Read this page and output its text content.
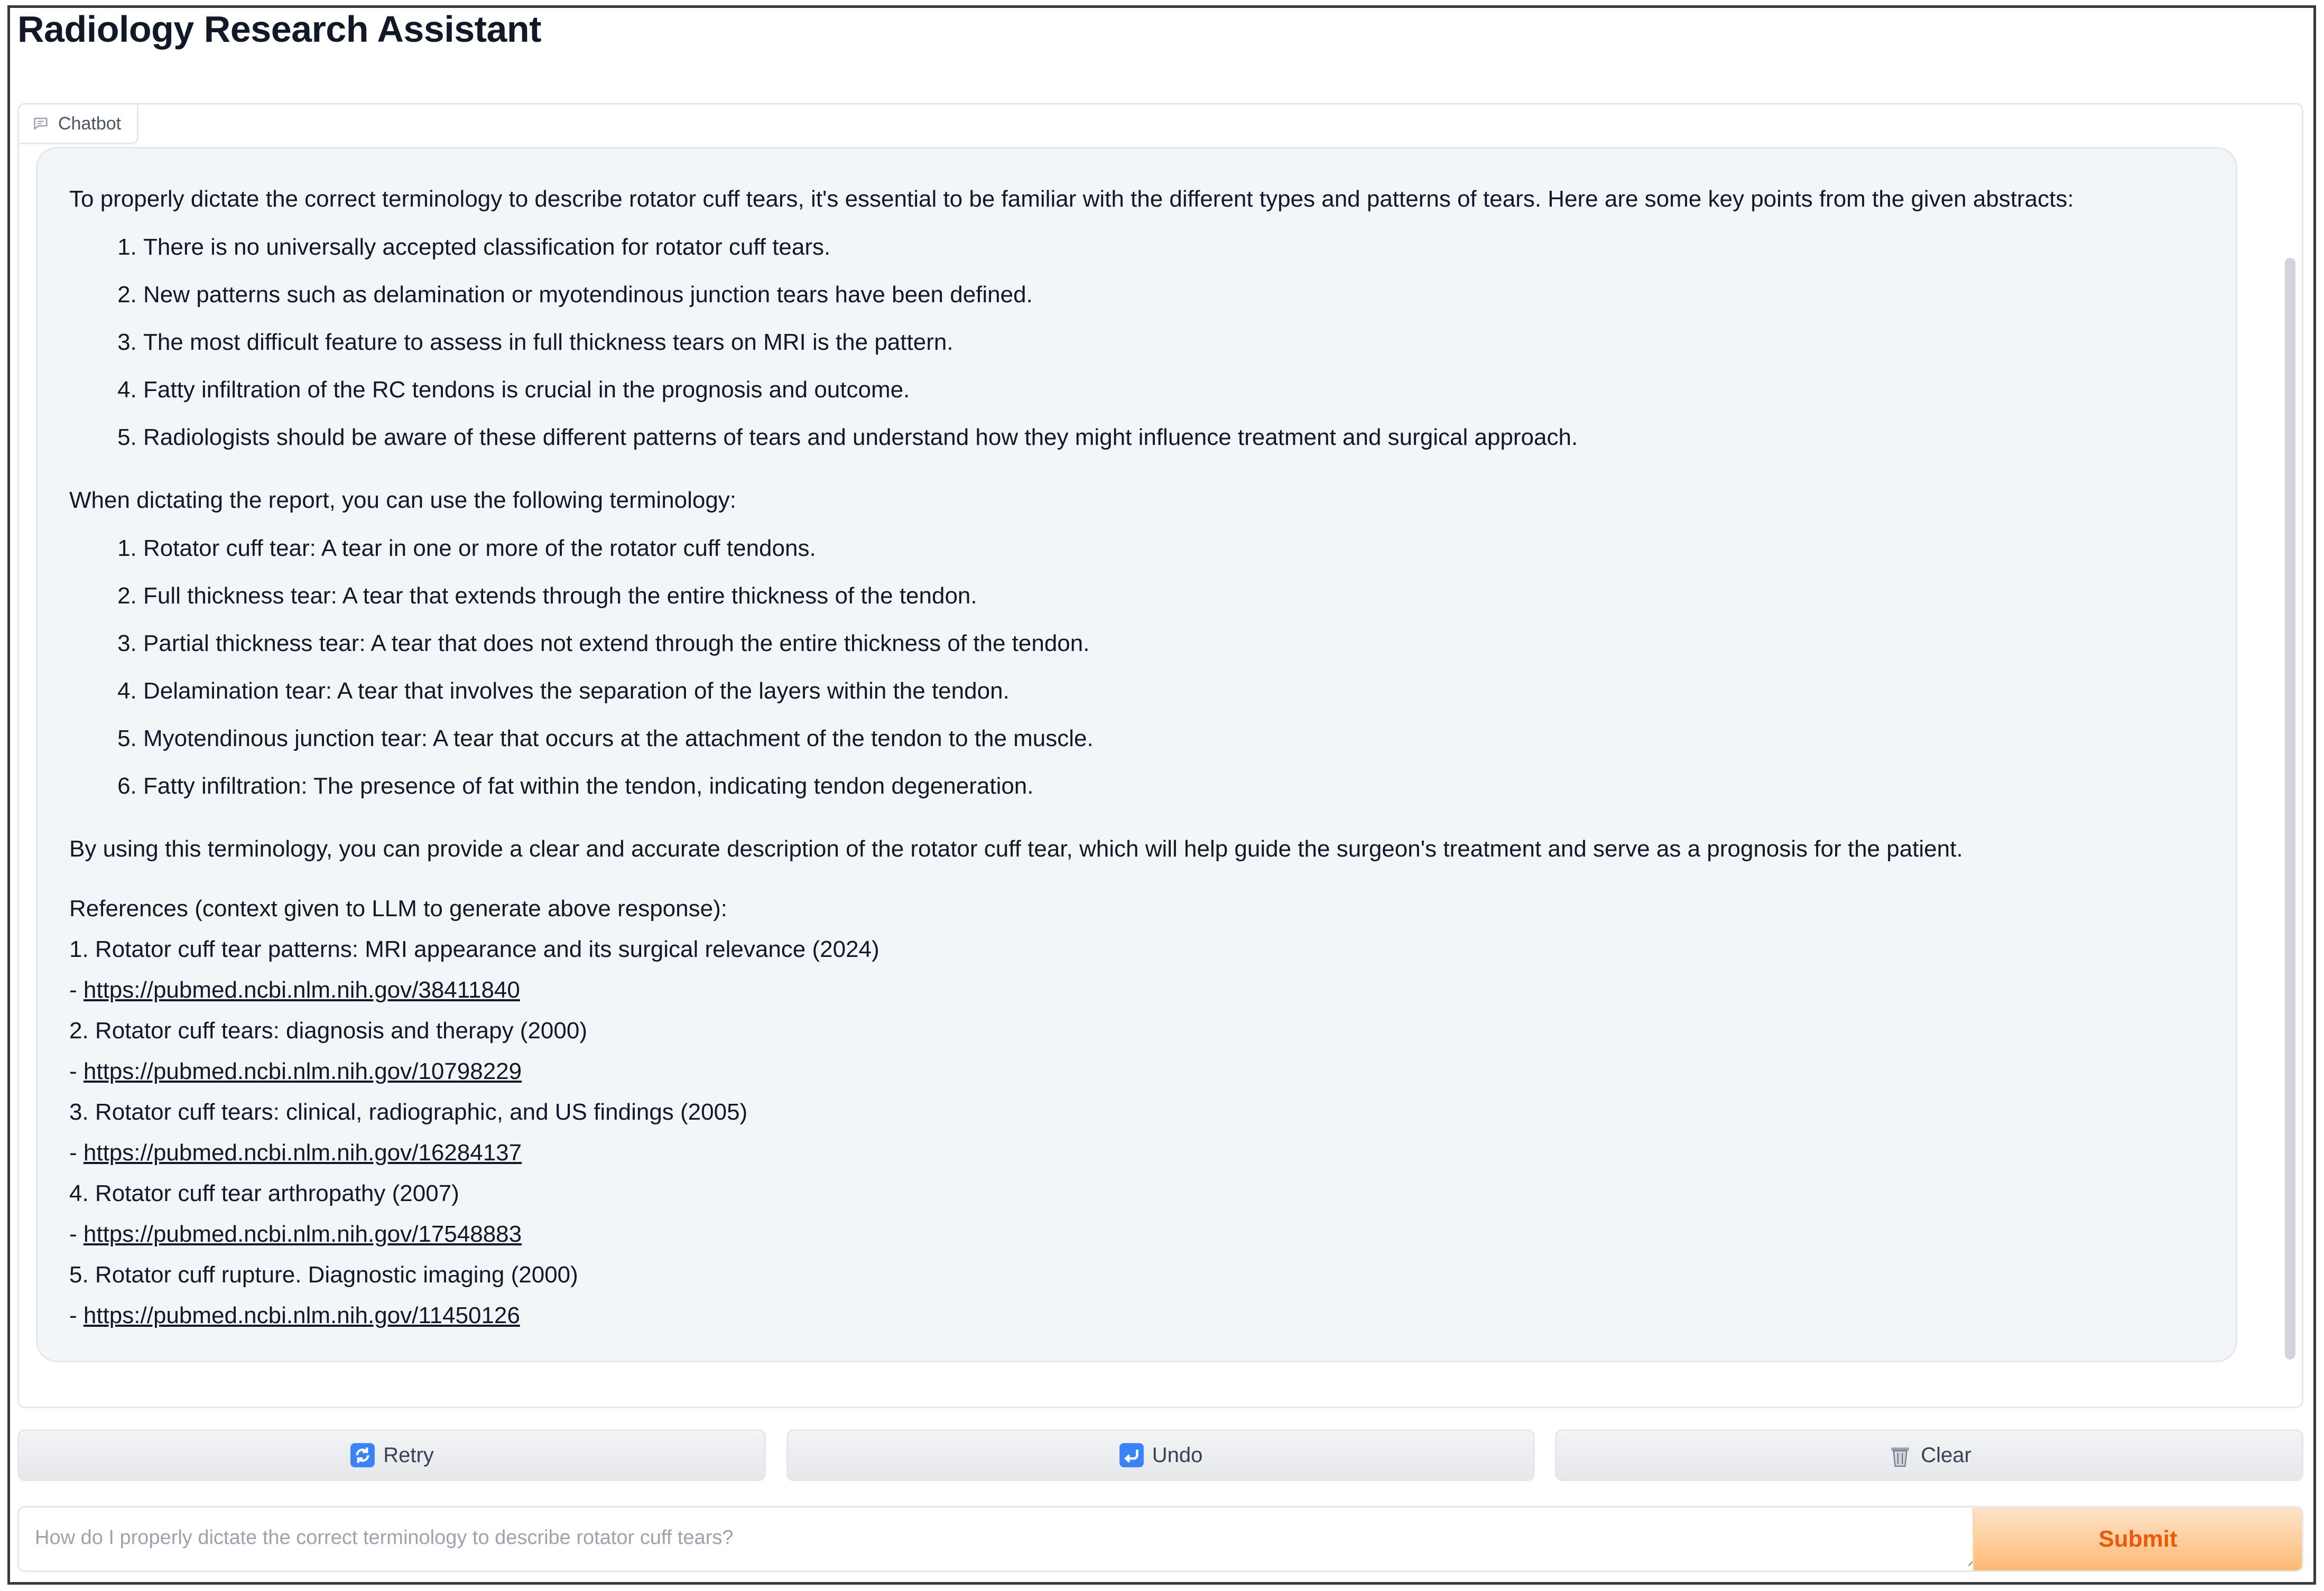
Radiology Research Assistant
Chatbot

To properly dictate the correct terminology to describe rotator cuff tears, it's essential to be familiar with the different types and patterns of tears. Here are some key points from the given abstracts:

1. There is no universally accepted classification for rotator cuff tears.
2. New patterns such as delamination or myotendinous junction tears have been defined.
3. The most difficult feature to assess in full thickness tears on MRI is the pattern.
4. Fatty infiltration of the RC tendons is crucial in the prognosis and outcome.
5. Radiologists should be aware of these different patterns of tears and understand how they might influence treatment and surgical approach.

When dictating the report, you can use the following terminology:

1. Rotator cuff tear: A tear in one or more of the rotator cuff tendons.
2. Full thickness tear: A tear that extends through the entire thickness of the tendon.
3. Partial thickness tear: A tear that does not extend through the entire thickness of the tendon.
4. Delamination tear: A tear that involves the separation of the layers within the tendon.
5. Myotendinous junction tear: A tear that occurs at the attachment of the tendon to the muscle.
6. Fatty infiltration: The presence of fat within the tendon, indicating tendon degeneration.

By using this terminology, you can provide a clear and accurate description of the rotator cuff tear, which will help guide the surgeon's treatment and serve as a prognosis for the patient.

References (context given to LLM to generate above response):
1. Rotator cuff tear patterns: MRI appearance and its surgical relevance (2024)
- https://pubmed.ncbi.nlm.nih.gov/38411840
2. Rotator cuff tears: diagnosis and therapy (2000)
- https://pubmed.ncbi.nlm.nih.gov/10798229
3. Rotator cuff tears: clinical, radiographic, and US findings (2005)
- https://pubmed.ncbi.nlm.nih.gov/16284137
4. Rotator cuff tear arthropathy (2007)
- https://pubmed.ncbi.nlm.nih.gov/17548883
5. Rotator cuff rupture. Diagnostic imaging (2000)
- https://pubmed.ncbi.nlm.nih.gov/11450126
Retry	Undo	Clear
How do I properly dictate the correct terminology to describe rotator cuff tears?
Submit
